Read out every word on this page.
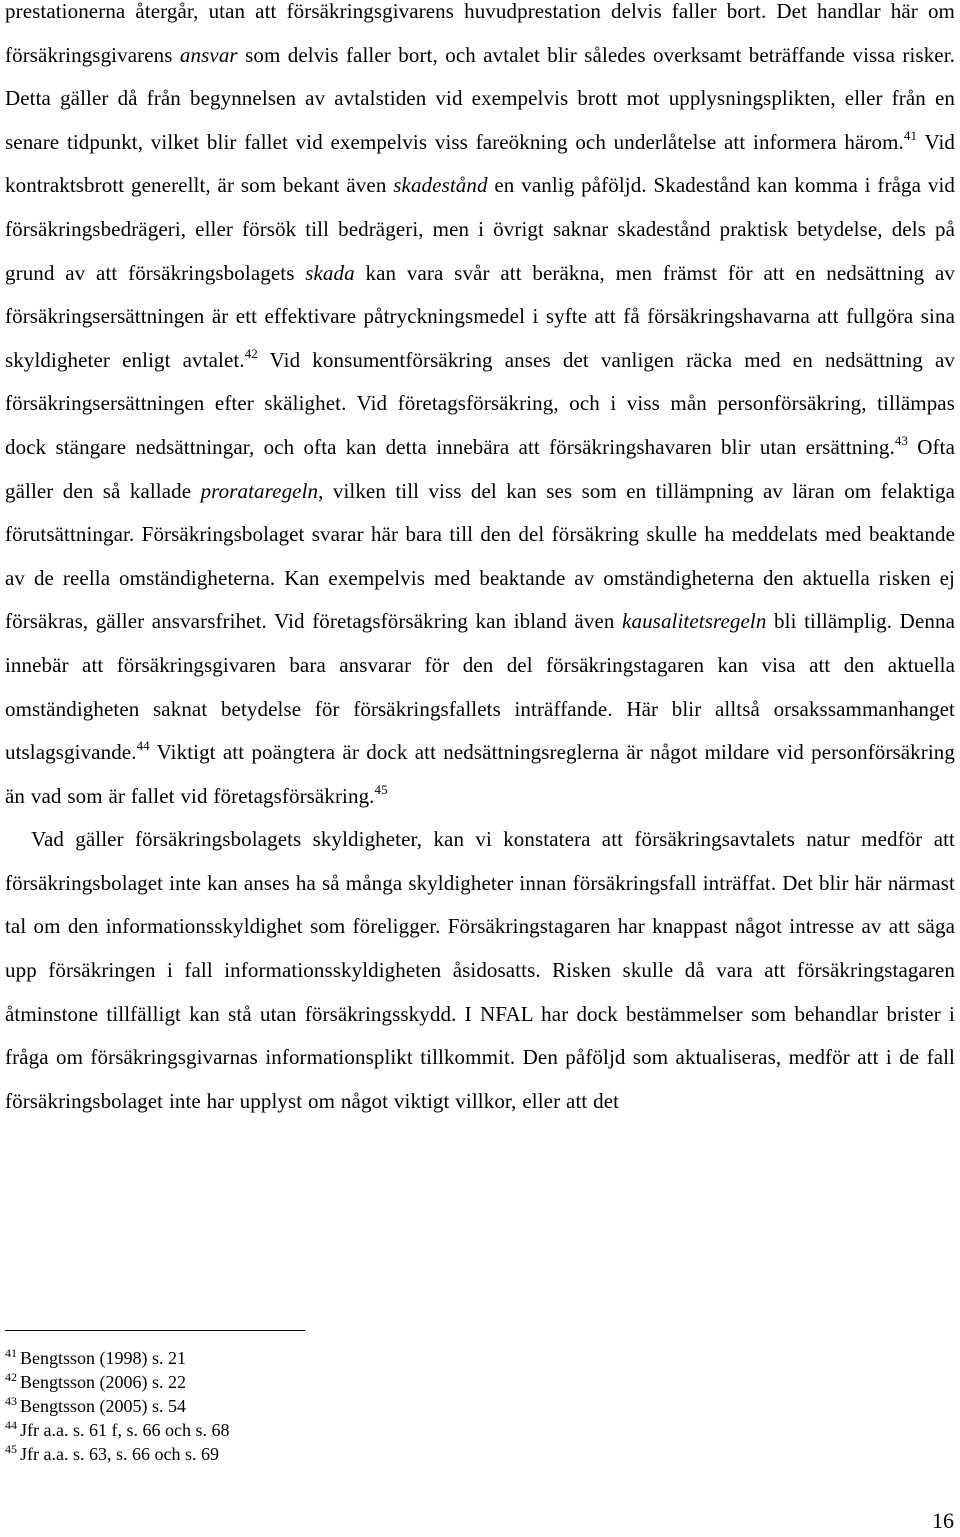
prestationerna återgår, utan att försäkringsgivarens huvudprestation delvis faller bort. Det handlar här om försäkringsgivarens ansvar som delvis faller bort, och avtalet blir således overksamt beträffande vissa risker. Detta gäller då från begynnelsen av avtalstiden vid exempelvis brott mot upplysningsplikten, eller från en senare tidpunkt, vilket blir fallet vid exempelvis viss fareökning och underlåtelse att informera härom.$^{41}$ Vid kontraktsbrott generellt, är som bekant även skadestånd en vanlig påföljd. Skadestånd kan komma i fråga vid försäkringsbedrägeri, eller försök till bedrägeri, men i övrigt saknar skadestånd praktisk betydelse, dels på grund av att försäkringsbolagets skada kan vara svår att beräkna, men främst för att en nedsättning av försäkringsersättningen är ett effektivare påtryckningsmedel i syfte att få försäkringshavarna att fullgöra sina skyldigheter enligt avtalet.$^{42}$ Vid konsumentförsäkring anses det vanligen räcka med en nedsättning av försäkringsersättningen efter skälighet. Vid företagsförsäkring, och i viss mån personförsäkring, tillämpas dock stängare nedsättningar, och ofta kan detta innebära att försäkringshavaren blir utan ersättning.$^{43}$ Ofta gäller den så kallade prorataregeln, vilken till viss del kan ses som en tillämpning av läran om felaktiga förutsättningar. Försäkringsbolaget svarar här bara till den del försäkring skulle ha meddelats med beaktande av de reella omständigheterna. Kan exempelvis med beaktande av omständigheterna den aktuella risken ej försäkras, gäller ansvarsfrihet. Vid företagsförsäkring kan ibland även kausalitetsregeln bli tillämplig. Denna innebär att försäkringsgivaren bara ansvarar för den del försäkringstagaren kan visa att den aktuella omständigheten saknat betydelse för försäkringsfallets inträffande. Här blir alltså orsakssammanhanget utslagsgivande.$^{44}$ Viktigt att poängtera är dock att nedsättningsreglerna är något mildare vid personförsäkring än vad som är fallet vid företagsförsäkring.$^{45}$

Vad gäller försäkringsbolagets skyldigheter, kan vi konstatera att försäkringsavtalets natur medför att försäkringsbolaget inte kan anses ha så många skyldigheter innan försäkringsfall inträffat. Det blir här närmast tal om den informationsskyldighet som föreligger. Försäkringstagaren har knappast något intresse av att säga upp försäkringen i fall informationsskyldigheten åsidosatts. Risken skulle då vara att försäkringstagaren åtminstone tillfälligt kan stå utan försäkringsskydd. I NFAL har dock bestämmelser som behandlar brister i fråga om försäkringsgivarnas informationsplikt tillkommit. Den påföljd som aktualiseras, medför att i de fall försäkringsbolaget inte har upplyst om något viktigt villkor, eller att det

$^{41}$ Bengtsson (1998) s. 21

$^{42}$ Bengtsson (2006) s. 22

$^{43}$ Bengtsson (2005) s. 54

$^{44}$ Jfr a.a. s. 61 f, s. 66 och s. 68

$^{45}$ Jfr a.a. s. 63, s. 66 och s. 69

16
